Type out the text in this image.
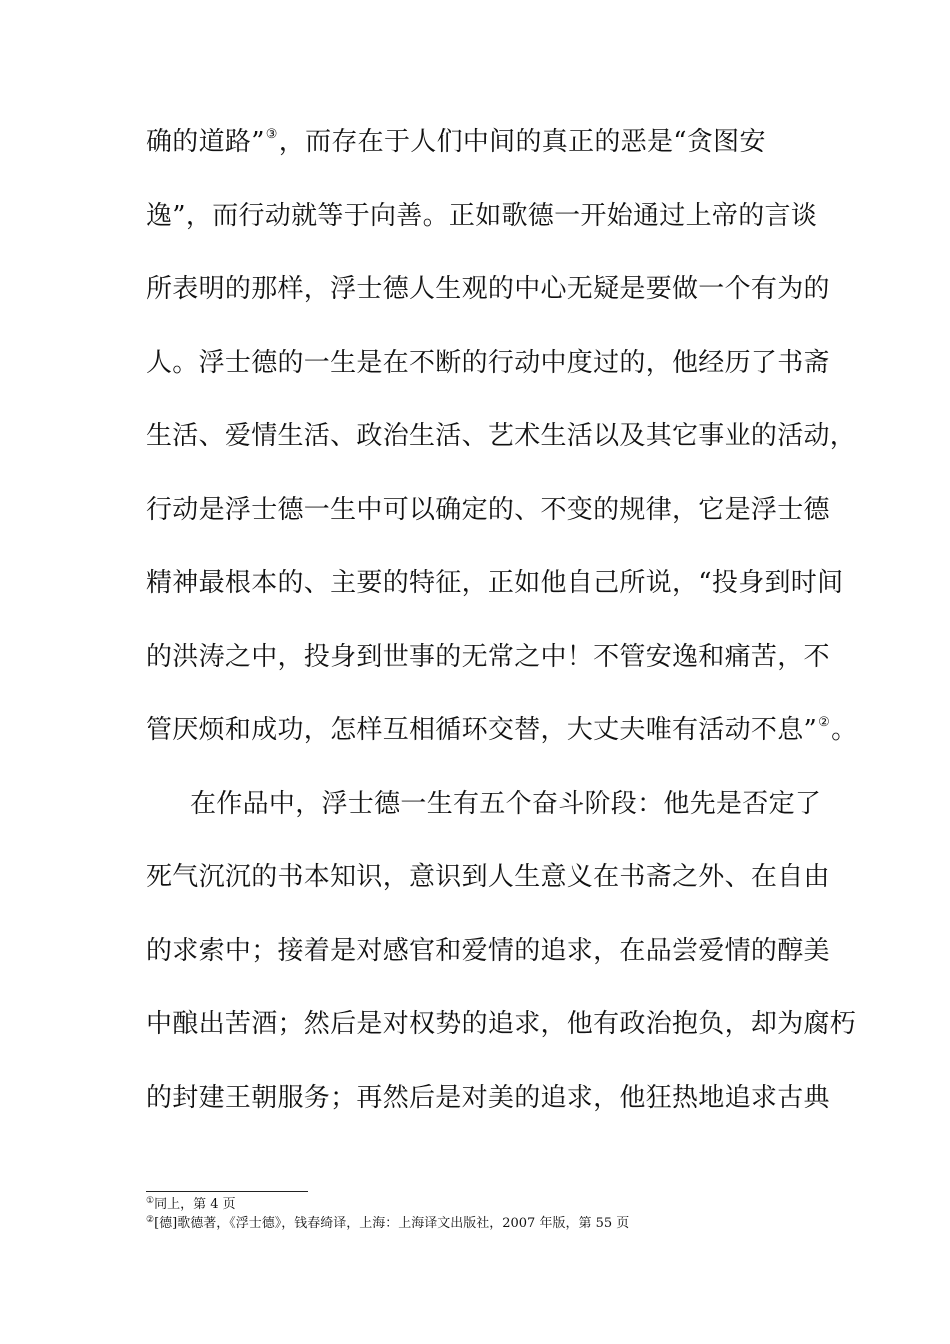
确的道路”③，而存在于人们中间的真正的恶是“贪图安
逸”，而行动就等于向善。正如歌德一开始通过上帝的言谈
所表明的那样，浮士德人生观的中心无疑是要做一个有为的
人。浮士德的一生是在不断的行动中度过的，他经历了书斋
生活、爱情生活、政治生活、艺术生活以及其它事业的活动，
行动是浮士德一生中可以确定的、不变的规律，它是浮士德
精神最根本的、主要的特征，正如他自己所说，“投身到时间
的洪涛之中，投身到世事的无常之中！不管安逸和痛苦，不
管厌烦和成功，怎样互相循环交替，大丈夫唯有活动不息”②。
在作品中，浮士德一生有五个奋斗阶段：他先是否定了
死气沉沉的书本知识，意识到人生意义在书斋之外、在自由
的求索中；接着是对感官和爱情的追求，在品尝爱情的醇美
中酿出苦酒；然后是对权势的追求，他有政治抱负，却为腐朽
的封建王朝服务；再然后是对美的追求，他狂热地追求古典
①同上，第 4 页
②[德]歌德著，《浮士德》，钱春绮译，上海：上海译文出版社，2007 年版，第 55 页
